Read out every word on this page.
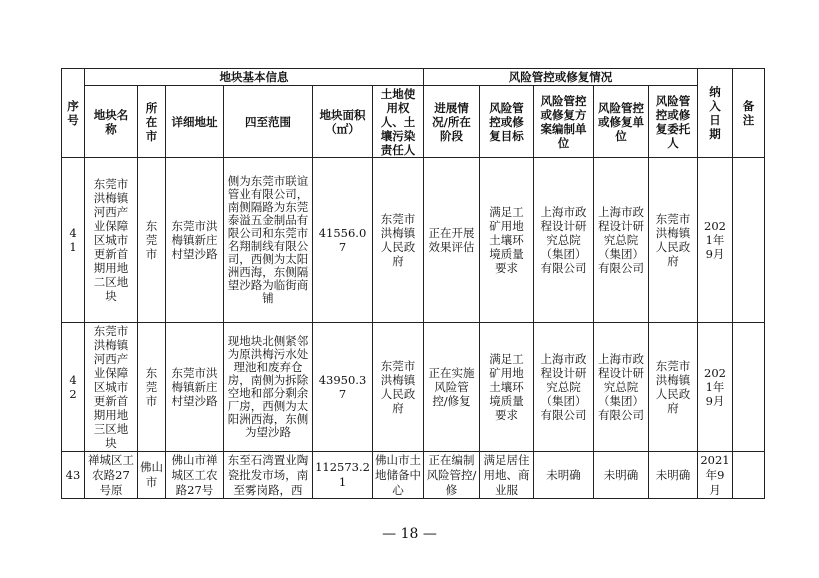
序号	地块基本信息						风险管控或修复情况					纳入日期	备注
	地块名称	所在市	详细地址	四至范围	地块面积（㎡）	土地使用权人、土壤污染责任人	进展情况/所在阶段	风险管控或修复目标	风险管控或修复方案编制单位	风险管控或修复单位	风险管控或修复委托人		
41	东莞市洪梅镇河西产业保障区城市更新首期用地二区地块	东莞市	东莞市洪梅镇新庄村望沙路	侧为东莞市联谊管业有限公司，南侧隔路为东莞泰溢五金制品有限公司和东莞市名翔制线有限公司，西侧为太阳洲西海，东侧隔望沙路为临街商铺	41556.07	东莞市洪梅镇人民政府	正在开展效果评估	满足工矿用地土壤环境质量要求	上海市政程设计研究总院（集团）有限公司	上海市政程设计研究总院（集团）有限公司	东莞市洪梅镇人民政府	2021年9月	
42	东莞市洪梅镇河西产业保障区城市更新首期用地三区地块	东莞市	东莞市洪梅镇新庄村望沙路	现地块北侧紧邻为原洪梅污水处理池和废弃仓房，南侧为拆除空地和部分剩余厂房，西侧为太阳洲西海，东侧为望沙路	43950.37	东莞市洪梅镇人民政府	正在实施风险管控/修复	满足工矿用地土壤环境质量要求	上海市政程设计研究总院（集团）有限公司	上海市政程设计研究总院（集团）有限公司	东莞市洪梅镇人民政府	2021年9月	

43	禅城区工农路27号原	佛山市	佛山市禅城区工农路27号	东至石湾置业陶瓷批发市场，南至雾岗路，西	112573.21	佛山市土地储备中心	正在编制风险管控/修	满足居住用地、商业服	未明确	未明确	未明确	2021年9月	

— 18 —
